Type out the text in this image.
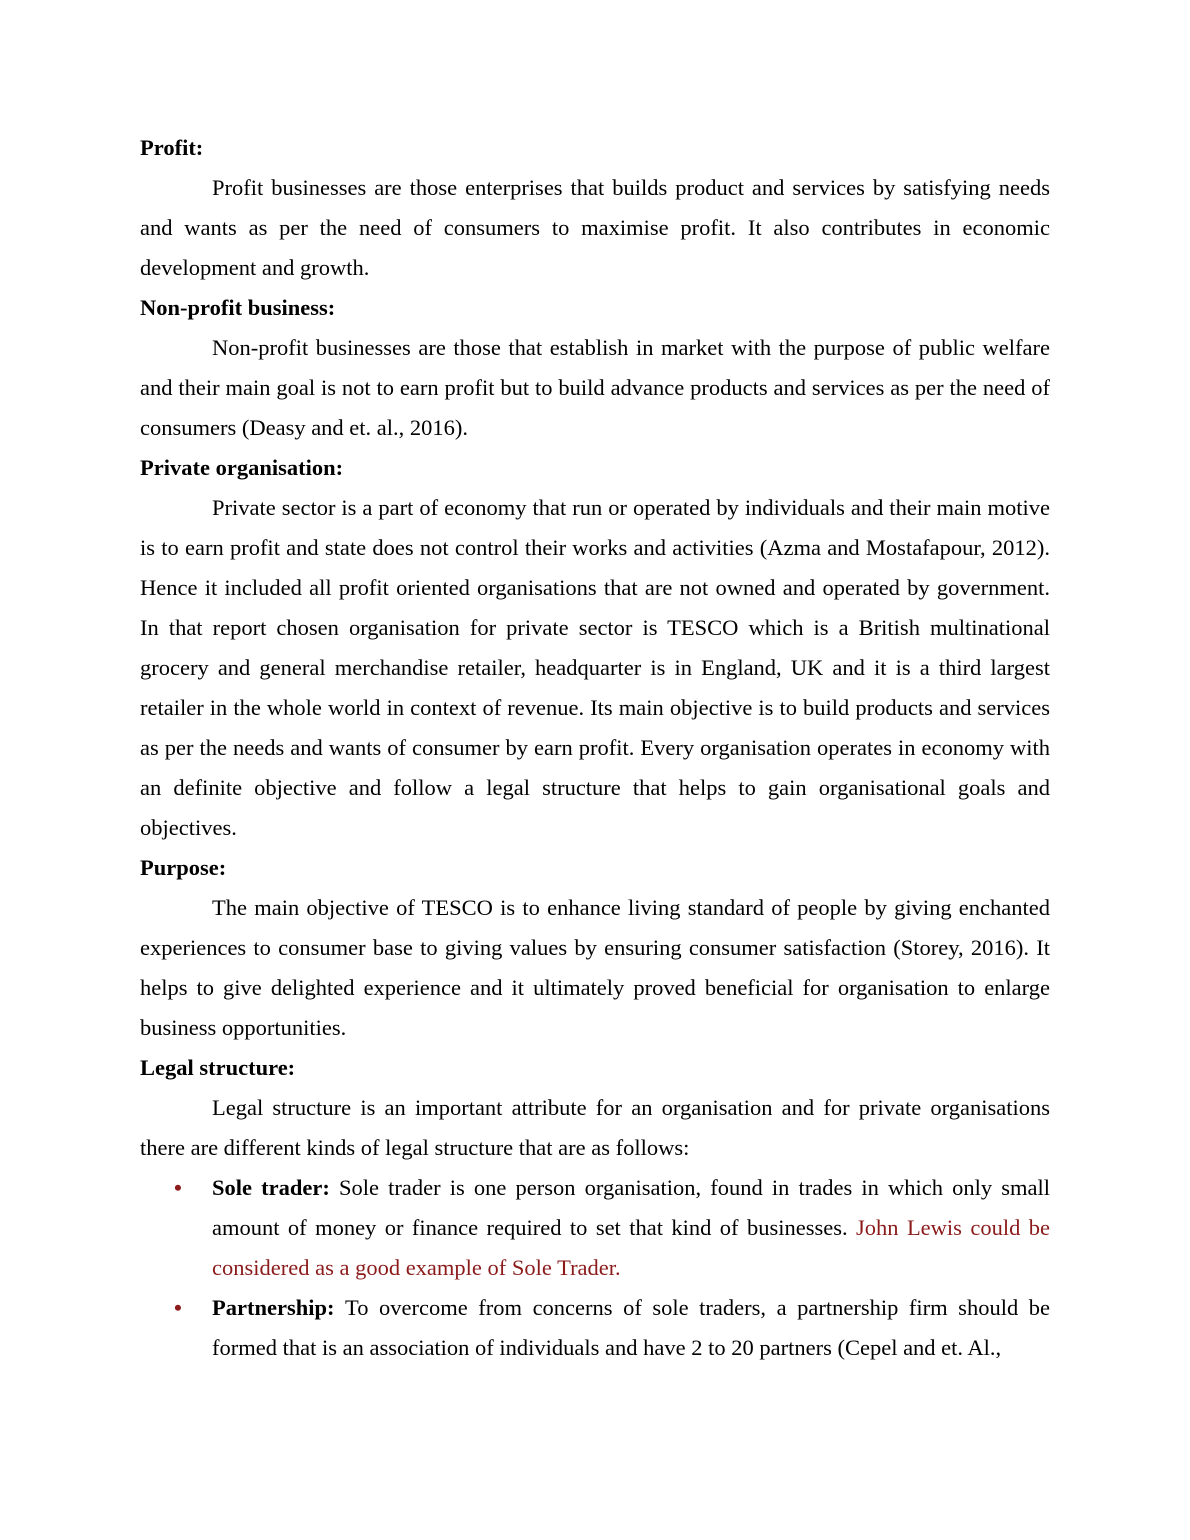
Profit:

Profit businesses are those enterprises that builds product and services by satisfying needs and wants as per the need of consumers to maximise profit. It also contributes in economic development and growth.

Non-profit business:

Non-profit businesses are those that establish in market with the purpose of public welfare and their main goal is not to earn profit but to build advance products and services as per the need of consumers (Deasy and et. al., 2016).

Private organisation:

Private sector is a part of economy that run or operated by individuals and their main motive is to earn profit and state does not control their works and activities (Azma and Mostafapour, 2012). Hence it included all profit oriented organisations that are not owned and operated by government. In that report chosen organisation for private sector is TESCO which is a British multinational grocery and general merchandise retailer, headquarter is in England, UK and it is a third largest retailer in the whole world in context of revenue. Its main objective is to build products and services as per the needs and wants of consumer by earn profit. Every organisation operates in economy with an definite objective and follow a legal structure that helps to gain organisational goals and objectives.

Purpose:

The main objective of TESCO is to enhance living standard of people by giving enchanted experiences to consumer base to giving values by ensuring consumer satisfaction (Storey, 2016). It helps to give delighted experience and it ultimately proved beneficial for organisation to enlarge business opportunities.

Legal structure:

Legal structure is an important attribute for an organisation and for private organisations there are different kinds of legal structure that are as follows:

• Sole trader: Sole trader is one person organisation, found in trades in which only small amount of money or finance required to set that kind of businesses. John Lewis could be considered as a good example of Sole Trader.
• Partnership: To overcome from concerns of sole traders, a partnership firm should be formed that is an association of individuals and have 2 to 20 partners (Cepel and et. Al.,
